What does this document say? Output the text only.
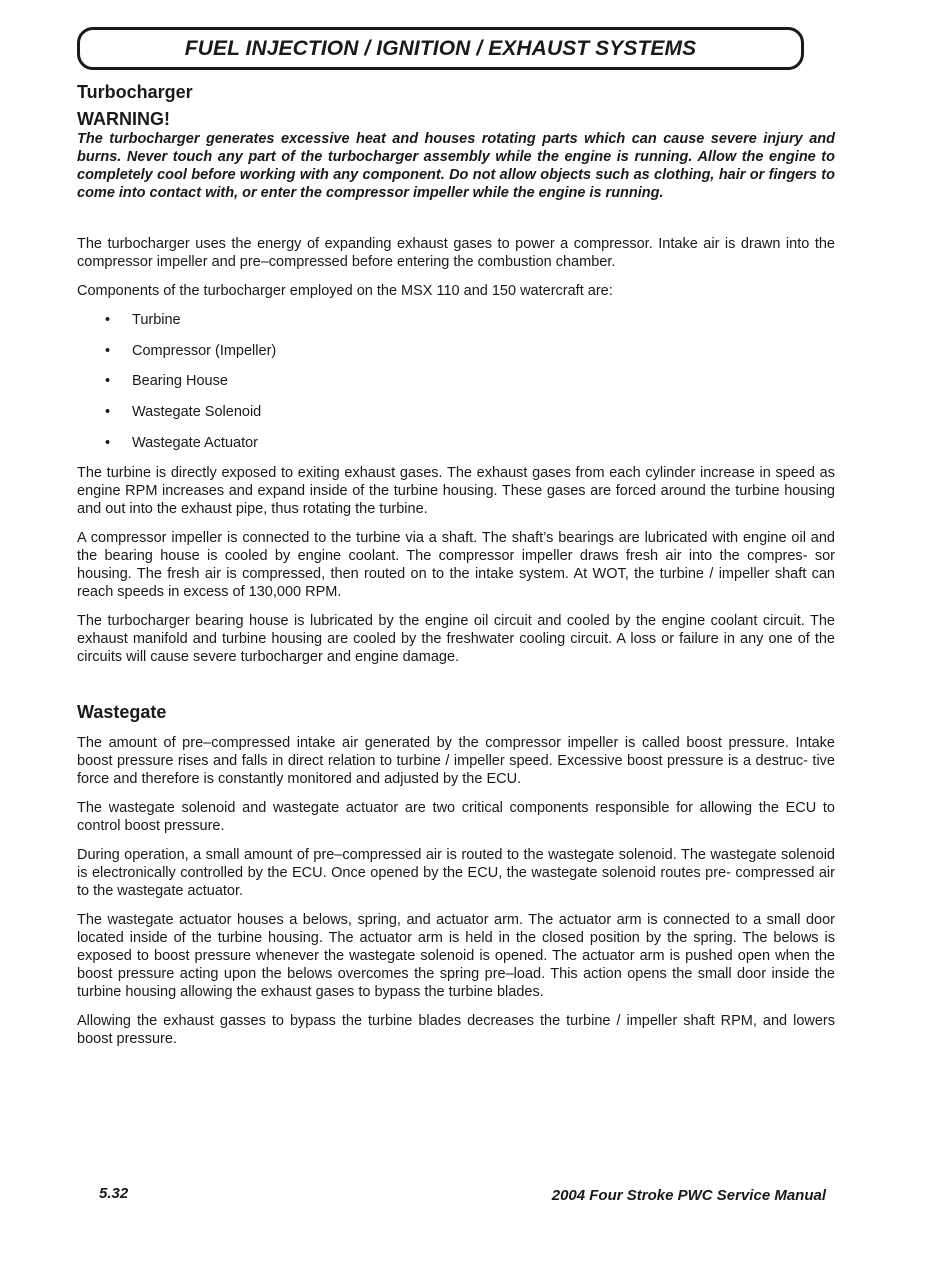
FUEL INJECTION / IGNITION / EXHAUST SYSTEMS
Turbocharger
WARNING!

The turbocharger generates excessive heat and houses rotating parts which can cause severe injury and burns. Never touch any part of the turbocharger assembly while the engine is running. Allow the engine to completely cool before working with any component. Do not allow objects such as clothing, hair or fingers to come into contact with, or enter the compressor impeller while the engine is running.

The turbocharger uses the energy of expanding exhaust gases to power a compressor. Intake air is drawn into the compressor impeller and pre–compressed before entering the combustion chamber.

Components of the turbocharger employed on the MSX 110 and 150 watercraft are:

• Turbine
• Compressor (Impeller)
• Bearing House
• Wastegate Solenoid
• Wastegate Actuator

The turbine is directly exposed to exiting exhaust gases. The exhaust gases from each cylinder increase in speed as engine RPM increases and expand inside of the turbine housing. These gases are forced around the turbine housing and out into the exhaust pipe, thus rotating the turbine.

A compressor impeller is connected to the turbine via a shaft. The shaft’s bearings are lubricated with engine oil and the bearing house is cooled by engine coolant. The compressor impeller draws fresh air into the compres- sor housing. The fresh air is compressed, then routed on to the intake system. At WOT, the turbine / impeller shaft can reach speeds in excess of 130,000 RPM.

The turbocharger bearing house is lubricated by the engine oil circuit and cooled by the engine coolant circuit. The exhaust manifold and turbine housing are cooled by the freshwater cooling circuit. A loss or failure in any one of the circuits will cause severe turbocharger and engine damage.

Wastegate

The amount of pre–compressed intake air generated by the compressor impeller is called boost pressure. Intake boost pressure rises and falls in direct relation to turbine / impeller speed. Excessive boost pressure is a destruc- tive force and therefore is constantly monitored and adjusted by the ECU.

The wastegate solenoid and wastegate actuator are two critical components responsible for allowing the ECU to control boost pressure.

During operation, a small amount of pre–compressed air is routed to the wastegate solenoid. The wastegate solenoid is electronically controlled by the ECU. Once opened by the ECU, the wastegate solenoid routes pre- compressed air to the wastegate actuator.

The wastegate actuator houses a belows, spring, and actuator arm. The actuator arm is connected to a small door located inside of the turbine housing. The actuator arm is held in the closed position by the spring. The belows is exposed to boost pressure whenever the wastegate solenoid is opened. The actuator arm is pushed open when the boost pressure acting upon the belows overcomes the spring pre–load. This action opens the small door inside the turbine housing allowing the exhaust gases to bypass the turbine blades.

Allowing the exhaust gasses to bypass the turbine blades decreases the turbine / impeller shaft RPM, and lowers boost pressure.

5.32	2004 Four Stroke PWC Service Manual
